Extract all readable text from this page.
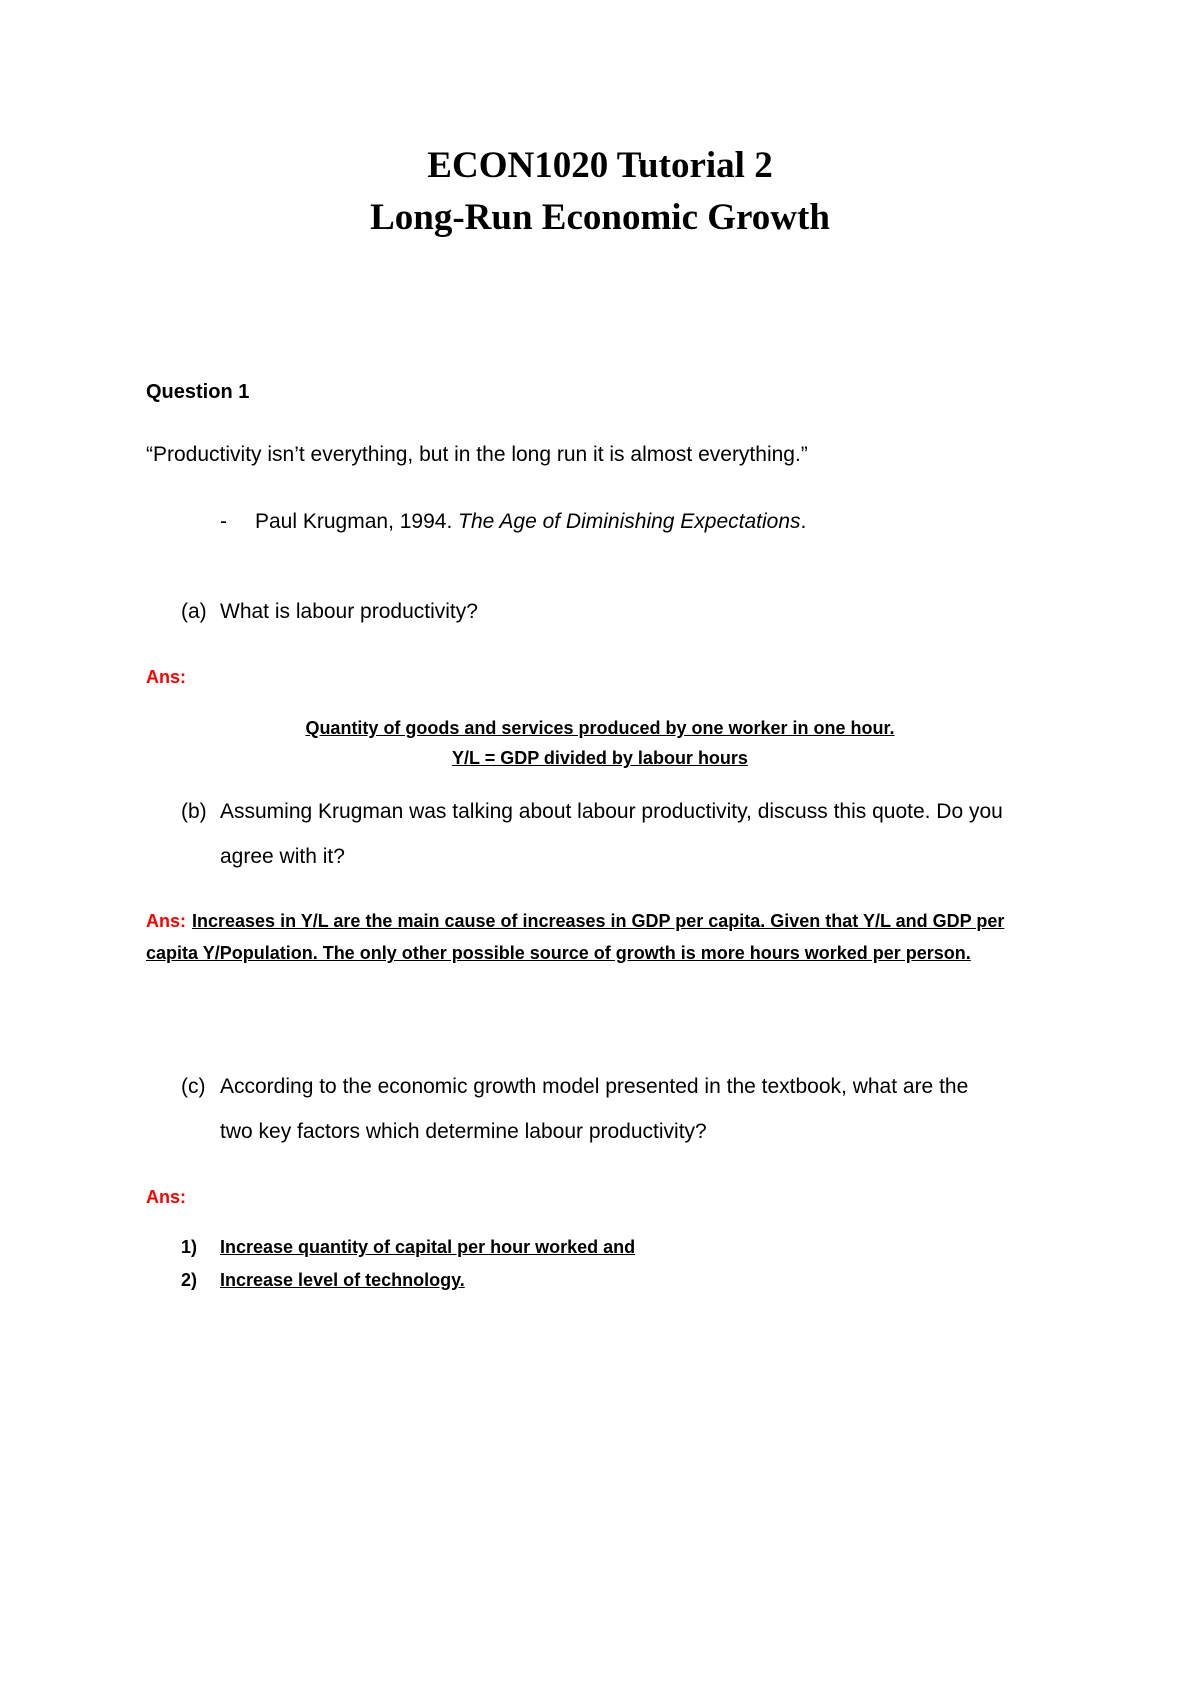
ECON1020 Tutorial 2
Long-Run Economic Growth
Question 1
“Productivity isn’t everything, but in the long run it is almost everything.”
- Paul Krugman, 1994. The Age of Diminishing Expectations.
(a) What is labour productivity?
Ans:
Quantity of goods and services produced by one worker in one hour.
Y/L = GDP divided by labour hours
(b) Assuming Krugman was talking about labour productivity, discuss this quote. Do you
agree with it?
Ans: Increases in Y/L are the main cause of increases in GDP per capita. Given that Y/L and GDP per capita Y/Population. The only other possible source of growth is more hours worked per person.
(c) According to the economic growth model presented in the textbook, what are the
two key factors which determine labour productivity?
Ans:
1) Increase quantity of capital per hour worked and
2) Increase level of technology.
